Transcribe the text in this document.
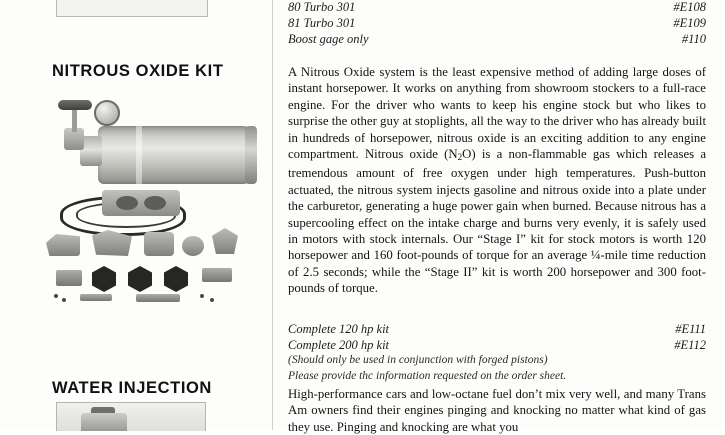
NITROUS OXIDE KIT
WATER INJECTION
80 Turbo 301	#E108
81 Turbo 301	#E109
Boost gage only	#110

A Nitrous Oxide system is the least expensive method of adding large doses of instant horsepower. It works on anything from showroom stockers to a full-race engine. For the driver who wants to keep his engine stock but who likes to surprise the other guy at stoplights, all the way to the driver who has already built in hundreds of horsepower, nitrous oxide is an exciting addition to any engine compartment. Nitrous oxide $(N_2O)$ is a non-flammable gas which releases a tremendous amount of free oxygen under high temperatures. Push-button actuated, the nitrous system injects gasoline and nitrous oxide into a plate under the carburetor, generating a huge power gain when burned. Because nitrous has a supercooling effect on the intake charge and burns very evenly, it is safely used in motors with stock internals. Our “Stage I” kit for stock motors is worth 120 horsepower and 160 foot-pounds of torque for an average ¼-mile time reduction of 2.5 seconds; while the “Stage II” kit is worth 200 horsepower and 300 foot-pounds of torque.

Complete 120 hp kit	#E111
Complete 200 hp kit	#E112
(Should only be used in conjunction with forged pistons)
Please provide thc information requested on the order sheet.

High-performance cars and low-octane fuel don’t mix very well, and many Trans Am owners find their engines pinging and knocking no matter what kind of gas they use. Pinging and knocking are what you
